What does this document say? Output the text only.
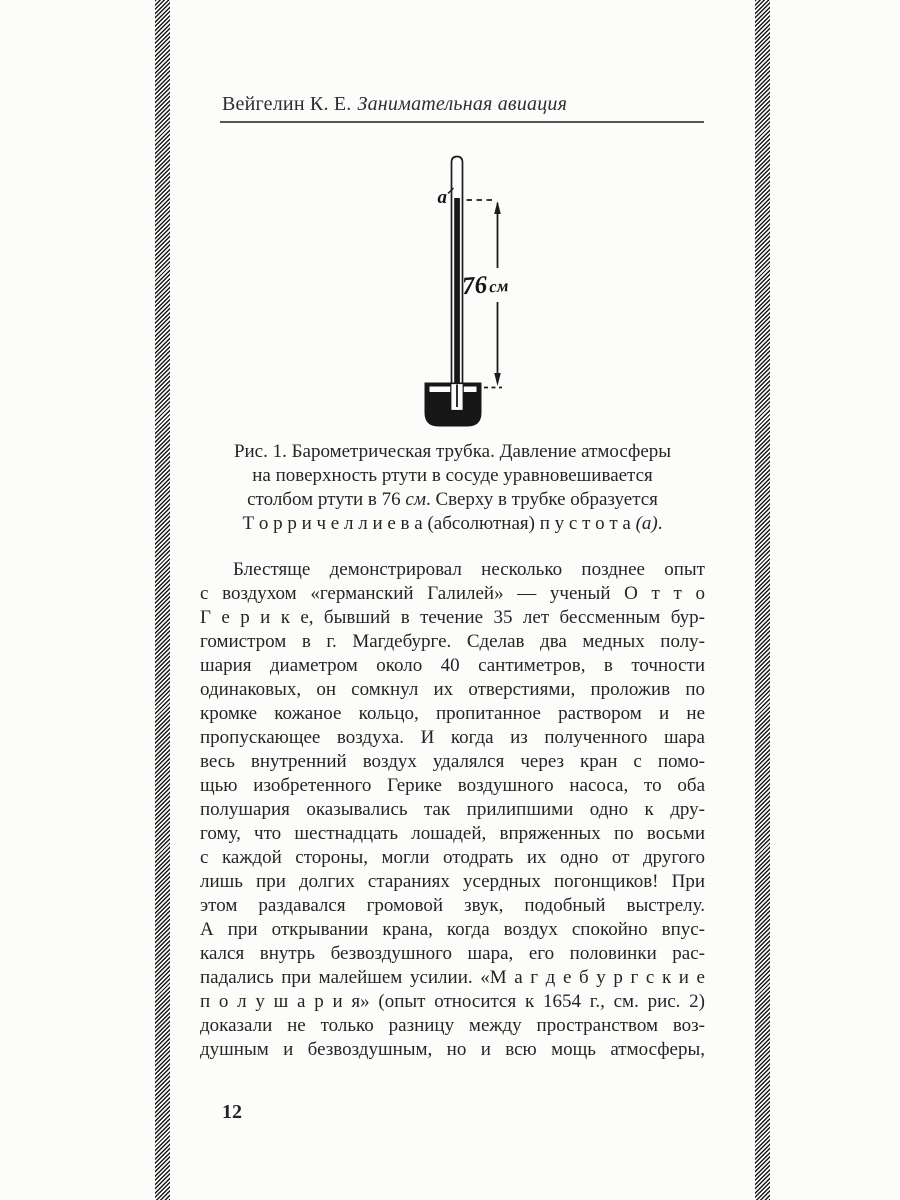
Вейгелин К. Е. Занимательная авиация
а
76см
Рис. 1. Барометрическая трубка. Давление атмосферы
на поверхность ртути в сосуде уравновешивается
столбом ртути в 76 см. Сверху в трубке образуется
Т о р р и ч е л л и е в а (абсолютная) п у с т о т а (а).
Блестяще демонстрировал несколько позднее опыт
с воздухом «германский Галилей» — ученый О т т о
Г е р и к е, бывший в течение 35 лет бессменным бур-
гомистром в г. Магдебурге. Сделав два медных полу-
шария диаметром около 40 сантиметров, в точности
одинаковых, он сомкнул их отверстиями, проложив по
кромке кожаное кольцо, пропитанное раствором и не
пропускающее воздуха. И когда из полученного шара
весь внутренний воздух удалялся через кран с помо-
щью изобретенного Герике воздушного насоса, то оба
полушария оказывались так прилипшими одно к дру-
гому, что шестнадцать лошадей, впряженных по восьми
с каждой стороны, могли отодрать их одно от другого
лишь при долгих стараниях усердных погонщиков! При
этом раздавался громовой звук, подобный выстрелу.
А при открывании крана, когда воздух спокойно впус-
кался внутрь безвоздушного шара, его половинки рас-
падались при малейшем усилии. «М а г д е б у р г с к и е
п о л у ш а р и я» (опыт относится к 1654 г., см. рис. 2)
доказали не только разницу между пространством воз-
душным и безвоздушным, но и всю мощь атмосферы,
12
